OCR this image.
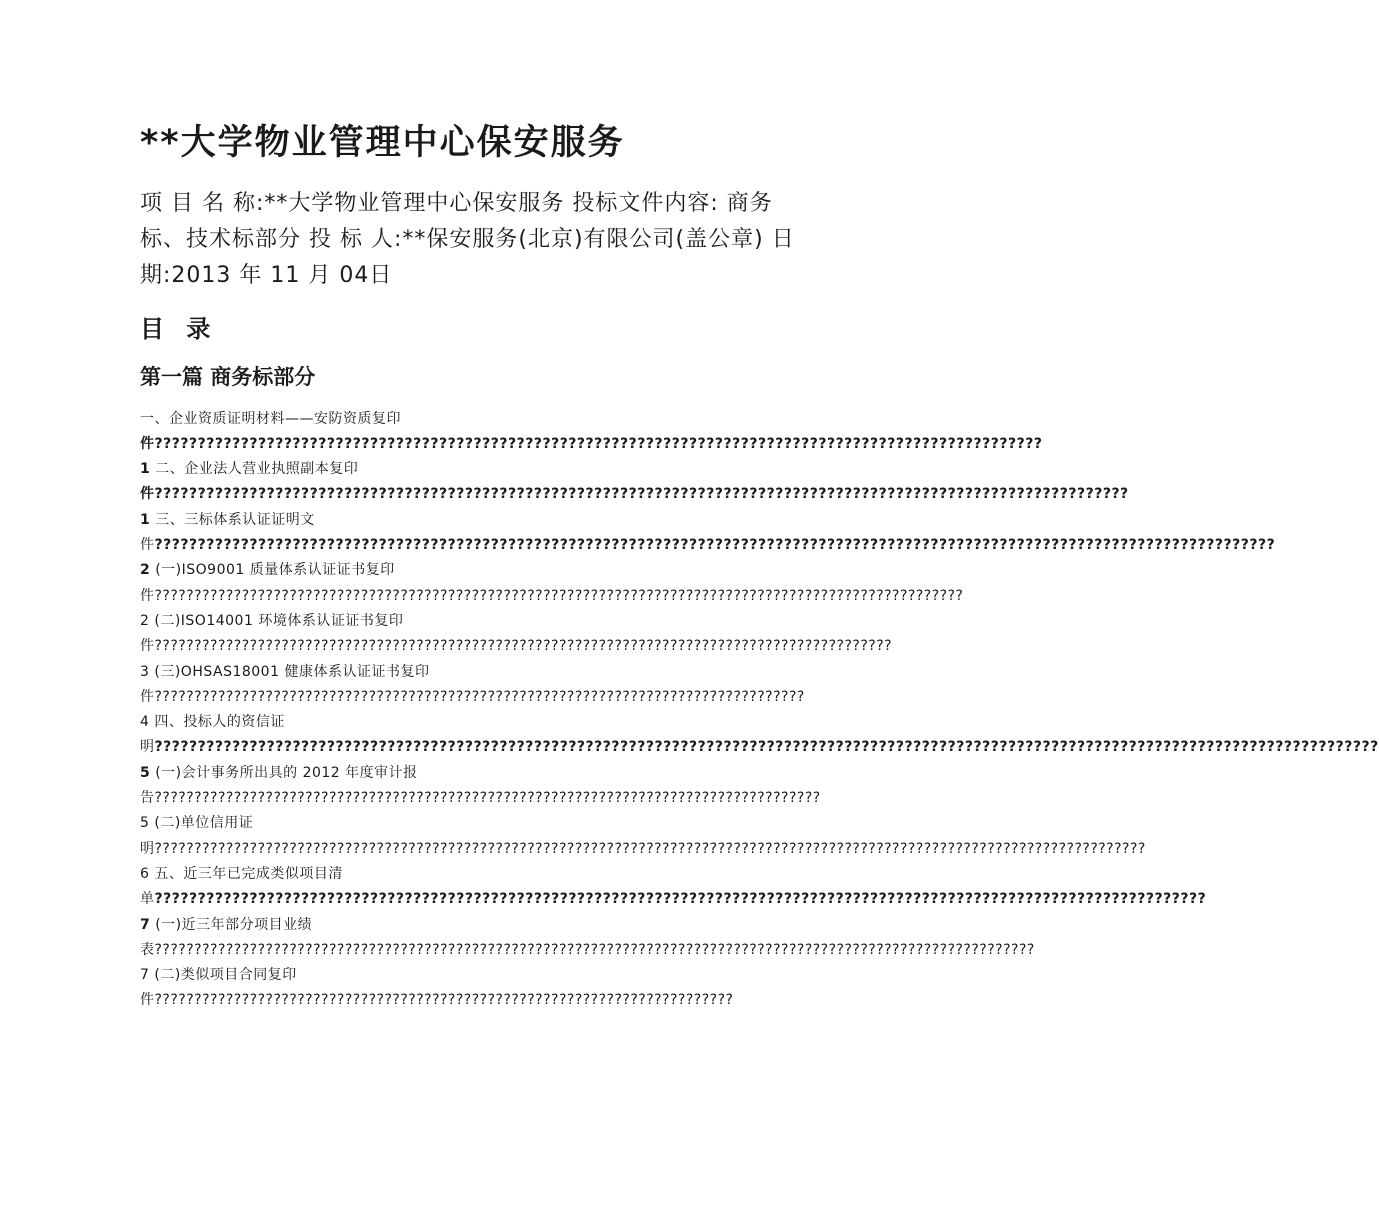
**大学物业管理中心保安服务

项 目 名 称:**大学物业管理中心保安服务 投标文件内容: 商务标、技术标部分 投 标 人:**保安服务(北京)有限公司(盖公章) 日 期:2013 年 11 月 04日

目 录
第一篇 商务标部分
一、企业资质证明材料——安防资质复印件???????????????????????????????????????????????????????????????????????????????????????????????????????1 二、企业法人营业执照副本复印件?????????????????????????????????????????????????????????????????????????????????????????????????????????????????1 三、三标体系认证证明文件??????????????????????????????????????????????????????????????????????????????????????????????????????????????????????????????????2 (一)ISO9001 质量体系认证证书复印件??????????????????????????????????????????????????????????????????????????????????????????????????????2 (二)ISO14001 环境体系认证证书复印件?????????????????????????????????????????????????????????????????????????????????????????????3 (三)OHSAS18001 健康体系认证证书复印件??????????????????????????????????????????????????????????????????????????????????4 四、投标人的资信证明??????????????????????????????????????????????????????????????????????????????????????????????????????????????????????????????????????????????5 (一)会计事务所出具的 2012 年度审计报告????????????????????????????????????????????????????????????????????????????????????5 (二)单位信用证明?????????????????????????????????????????????????????????????????????????????????????????????????????????????????????????????6 五、近三年已完成类似项目清单??????????????????????????????????????????????????????????????????????????????????????????????????????????????????????????7 (一)近三年部分项目业绩表???????????????????????????????????????????????????????????????????????????????????????????????????????????????7 (二)类似项目合同复印件?????????????????????????????????????????????????????????????????????????
